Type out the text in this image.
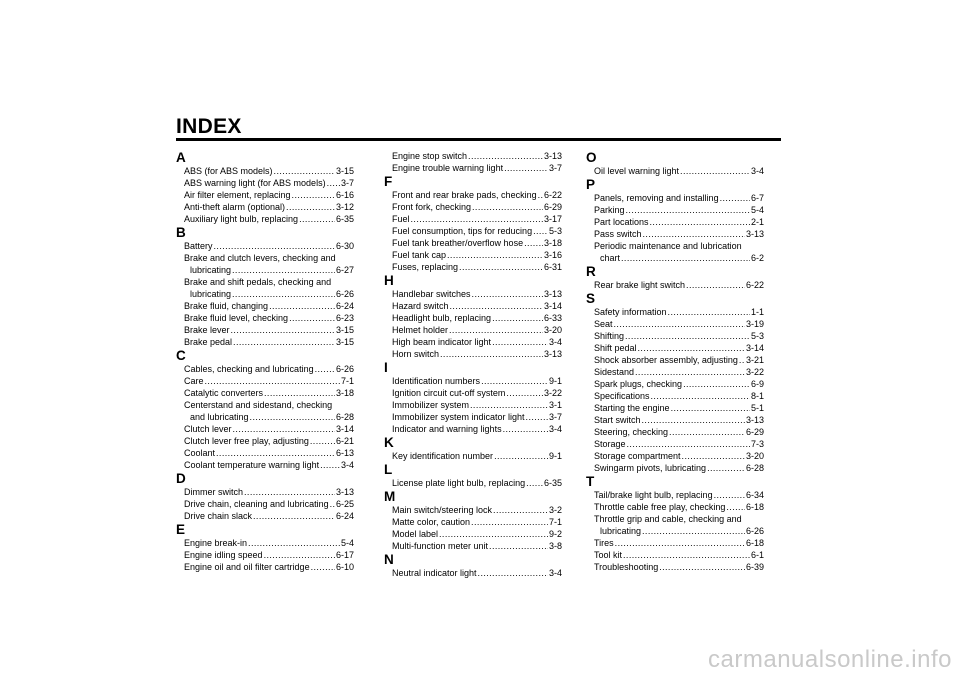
INDEX
A
ABS (for ABS models) .....	3-15
ABS warning light (for ABS models) ..... 3-7
Air filter element, replacing .....	6-16
Anti-theft alarm (optional) .....	3-12
Auxiliary light bulb, replacing .....	6-35
B
Battery .....	6-30
Brake and clutch levers, checking and
lubricating .....	6-27
Brake and shift pedals, checking and
lubricating .....	6-26
Brake fluid, changing .....	6-24
Brake fluid level, checking .....	6-23
Brake lever .....	3-15
Brake pedal .....	3-15
C
Cables, checking and lubricating ..... 6-26
Care .....	7-1
Catalytic converters .....	3-18
Centerstand and sidestand, checking
and lubricating .....	6-28
Clutch lever .....	3-14
Clutch lever free play, adjusting .....	6-21
Coolant .....	6-13
Coolant temperature warning light ..... 3-4
D
Dimmer switch .....	3-13
Drive chain, cleaning and lubricating ..... 6-25
Drive chain slack .....	6-24
E
Engine break-in .....	5-4
Engine idling speed .....	6-17
Engine oil and oil filter cartridge .....	6-10
Engine stop switch .....	3-13
Engine trouble warning light .....	3-7
F
Front and rear brake pads, checking ..... 6-22
Front fork, checking .....	6-29
Fuel .....	3-17
Fuel consumption, tips for reducing ..... 5-3
Fuel tank breather/overflow hose ..... 3-18
Fuel tank cap .....	3-16
Fuses, replacing .....	6-31
H
Handlebar switches .....	3-13
Hazard switch .....	3-14
Headlight bulb, replacing .....	6-33
Helmet holder .....	3-20
High beam indicator light .....	3-4
Horn switch .....	3-13
I
Identification numbers .....	9-1
Ignition circuit cut-off system .....	3-22
Immobilizer system .....	3-1
Immobilizer system indicator light .....	3-7
Indicator and warning lights .....	3-4
K
Key identification number .....	9-1
L
License plate light bulb, replacing ..... 6-35
M
Main switch/steering lock .....	3-2
Matte color, caution .....	7-1
Model label .....	9-2
Multi-function meter unit .....	3-8
N
Neutral indicator light .....	3-4
O
Oil level warning light .....	3-4
P
Panels, removing and installing .....	6-7
Parking .....	5-4
Part locations .....	2-1
Pass switch .....	3-13
Periodic maintenance and lubrication
chart .....	6-2
R
Rear brake light switch .....	6-22
S
Safety information .....	1-1
Seat .....	3-19
Shifting .....	5-3
Shift pedal .....	3-14
Shock absorber assembly, adjusting ..... 3-21
Sidestand .....	3-22
Spark plugs, checking .....	6-9
Specifications .....	8-1
Starting the engine .....	5-1
Start switch .....	3-13
Steering, checking .....	6-29
Storage .....	7-3
Storage compartment .....	3-20
Swingarm pivots, lubricating .....	6-28
T
Tail/brake light bulb, replacing .....	6-34
Throttle cable free play, checking ..... 6-18
Throttle grip and cable, checking and
lubricating .....	6-26
Tires .....	6-18
Tool kit .....	6-1
Troubleshooting .....	6-39
carmanualsonline.info
